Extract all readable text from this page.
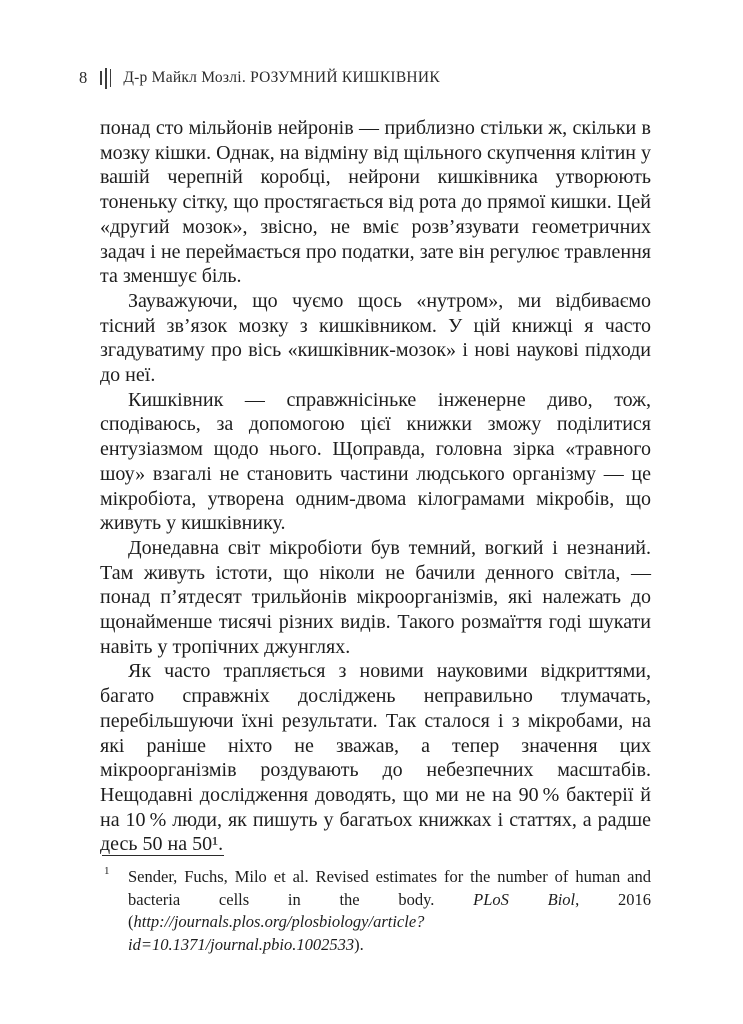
8 Д-р Майкл Мозлі. РОЗУМНИЙ КИШКІВНИК

понад сто мільйонів нейронів — приблизно стільки ж, скільки в мозку кішки. Однак, на відміну від щільного скупчення клітин у вашій черепній коробці, нейрони кишківника утворюють тоненьку сітку, що простягається від рота до прямої кишки. Цей «другий мозок», звісно, не вміє розв’язувати геометричних задач і не переймається про податки, зате він регулює травлення та зменшує біль.

Зауважуючи, що чуємо щось «нутром», ми відбиваємо тісний зв’язок мозку з кишківником. У цій книжці я часто згадуватиму про вісь «кишківник-мозок» і нові наукові підходи до неї.

Кишківник — справжнісіньке інженерне диво, тож, сподіваюсь, за допомогою цієї книжки зможу поділитися ентузіазмом щодо нього. Щоправда, головна зірка «травного шоу» взагалі не становить частини людського організму — це мікробіота, утворена одним-двома кілограмами мікробів, що живуть у кишківнику.

Донедавна світ мікробіоти був темний, вогкий і незнаний. Там живуть істоти, що ніколи не бачили денного світла, — понад п’ятдесят трильйонів мікроорганізмів, які належать до щонайменше тисячі різних видів. Такого розмаїття годі шукати навіть у тропічних джунглях.

Як часто трапляється з новими науковими відкриттями, багато справжніх досліджень неправильно тлумачать, перебільшуючи їхні результати. Так сталося і з мікробами, на які раніше ніхто не зважав, а тепер значення цих мікроорганізмів роздувають до небезпечних масштабів. Нещодавні дослідження доводять, що ми не на 90 % бактерії й на 10 % люди, як пишуть у багатьох книжках і статтях, а радше десь 50 на 50¹.

1 Sender, Fuchs, Milo et al. Revised estimates for the number of human and bacteria cells in the body. PLoS Biol, 2016 (http://journals.plos.org/plosbiology/article?id=10.1371/journal.pbio.1002533).
